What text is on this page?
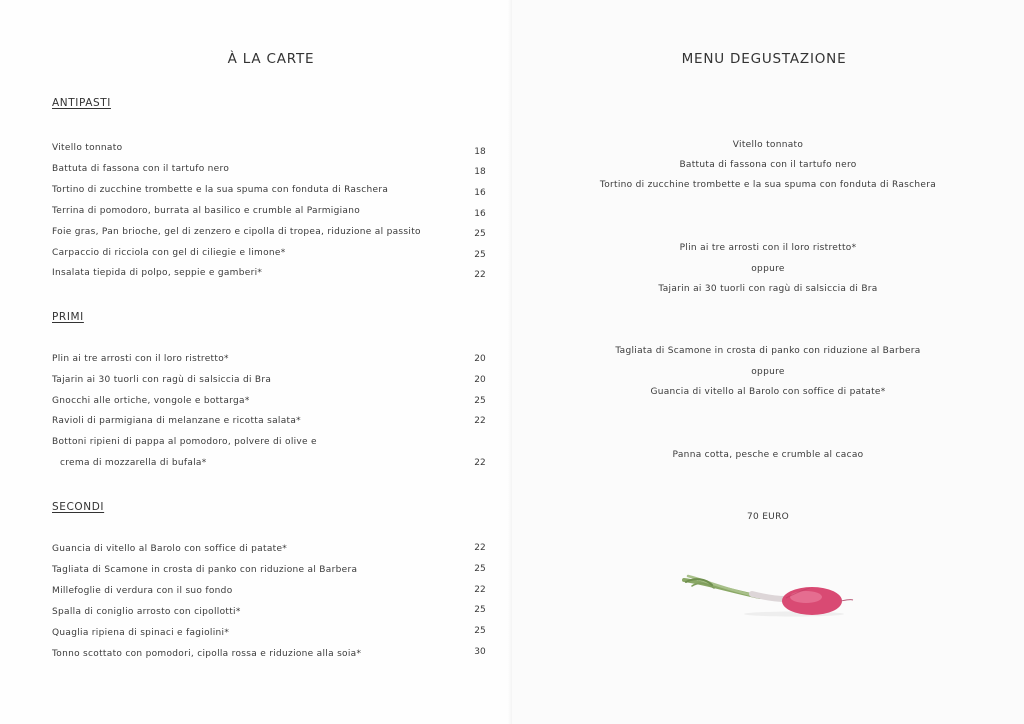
À LA CARTE
ANTIPASTI
Vitello tonnato	18
Battuta di fassona con il tartufo nero	18
Tortino di zucchine trombette e la sua spuma con fonduta di Raschera	16
Terrina di pomodoro, burrata al basilico e crumble al Parmigiano	16
Foie gras, Pan brioche, gel di zenzero e cipolla di tropea, riduzione al passito	25
Carpaccio di ricciola con gel di ciliegie e limone*	25
Insalata tiepida di polpo, seppie e gamberi*	22
PRIMI
Plin ai tre arrosti con il loro ristretto*	20
Tajarin ai 30 tuorli con ragù di salsiccia di Bra	20
Gnocchi alle ortiche, vongole e bottarga*	25
Ravioli di parmigiana di melanzane e ricotta salata*	22
Bottoni ripieni di pappa al pomodoro, polvere di olive e
crema di mozzarella di bufala*	22
SECONDI
Guancia di vitello al Barolo con soffice di patate*	22
Tagliata di Scamone in crosta di panko con riduzione al Barbera	25
Millefoglie di verdura con il suo fondo	22
Spalla di coniglio arrosto con cipollotti*	25
Quaglia ripiena di spinaci e fagiolini*	25
Tonno scottato con pomodori, cipolla rossa e riduzione alla soia*	30
MENU DEGUSTAZIONE
Vitello tonnato
Battuta di fassona con il tartufo nero
Tortino di zucchine trombette e la sua spuma con fonduta di Raschera
Plin ai tre arrosti con il loro ristretto*
oppure
Tajarin ai 30 tuorli con ragù di salsiccia di Bra
Tagliata di Scamone in crosta di panko con riduzione al Barbera
oppure
Guancia di vitello al Barolo con soffice di patate*
Panna cotta, pesche e crumble al cacao
70 EURO
